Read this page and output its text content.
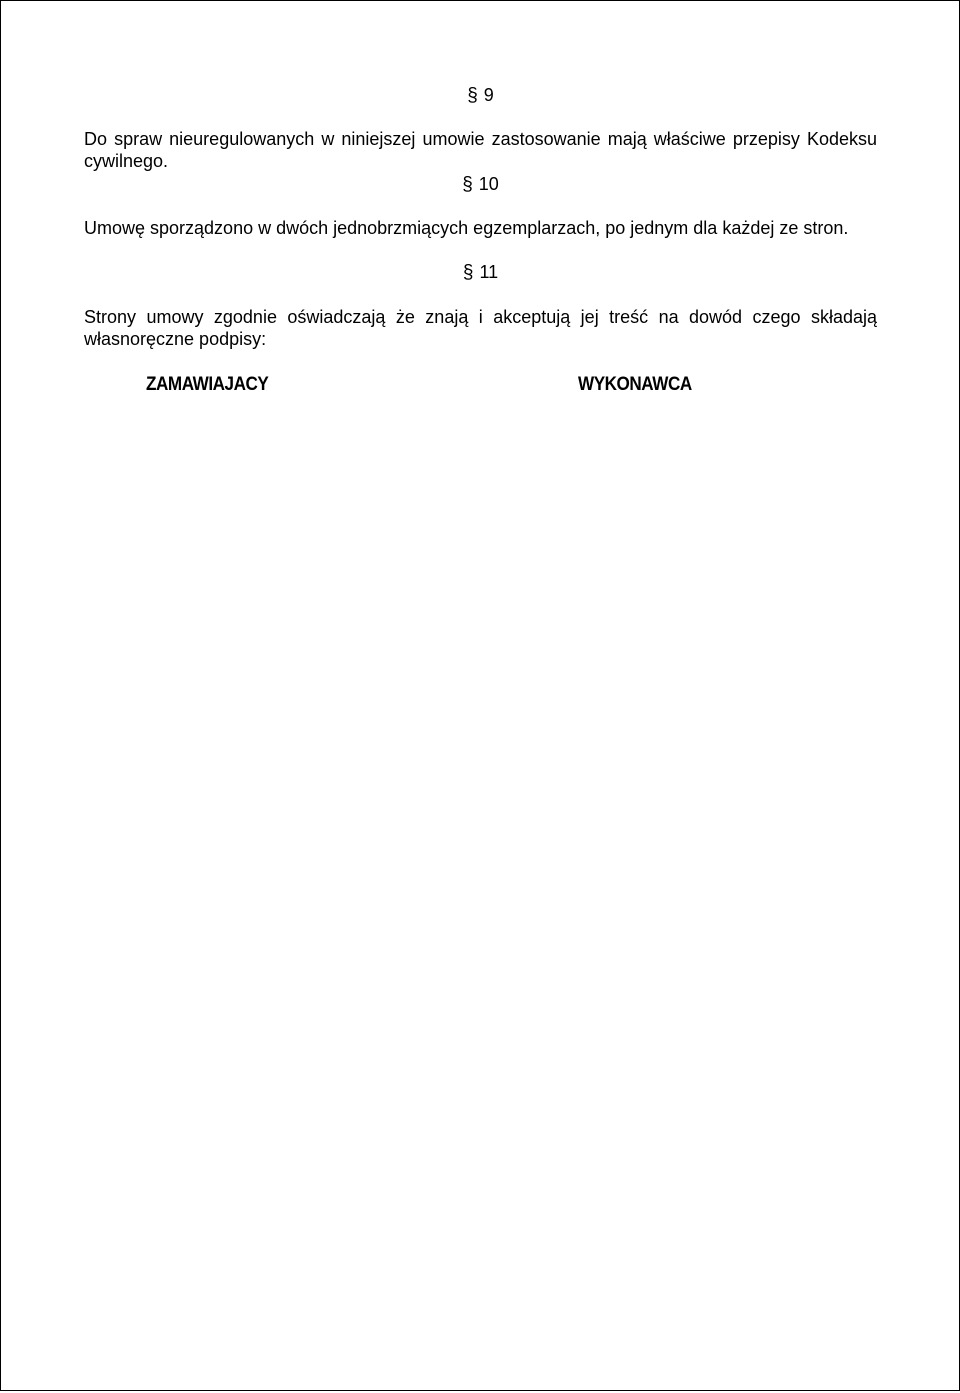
§ 9
Do spraw nieuregulowanych w niniejszej umowie zastosowanie mają właściwe przepisy Kodeksu cywilnego.
§ 10
Umowę sporządzono w dwóch jednobrzmiących egzemplarzach, po jednym dla każdej ze stron.
§ 11
Strony umowy zgodnie oświadczają że znają i akceptują jej treść na dowód czego składają własnoręczne podpisy:
ZAMAWIAJACY	WYKONAWCA
